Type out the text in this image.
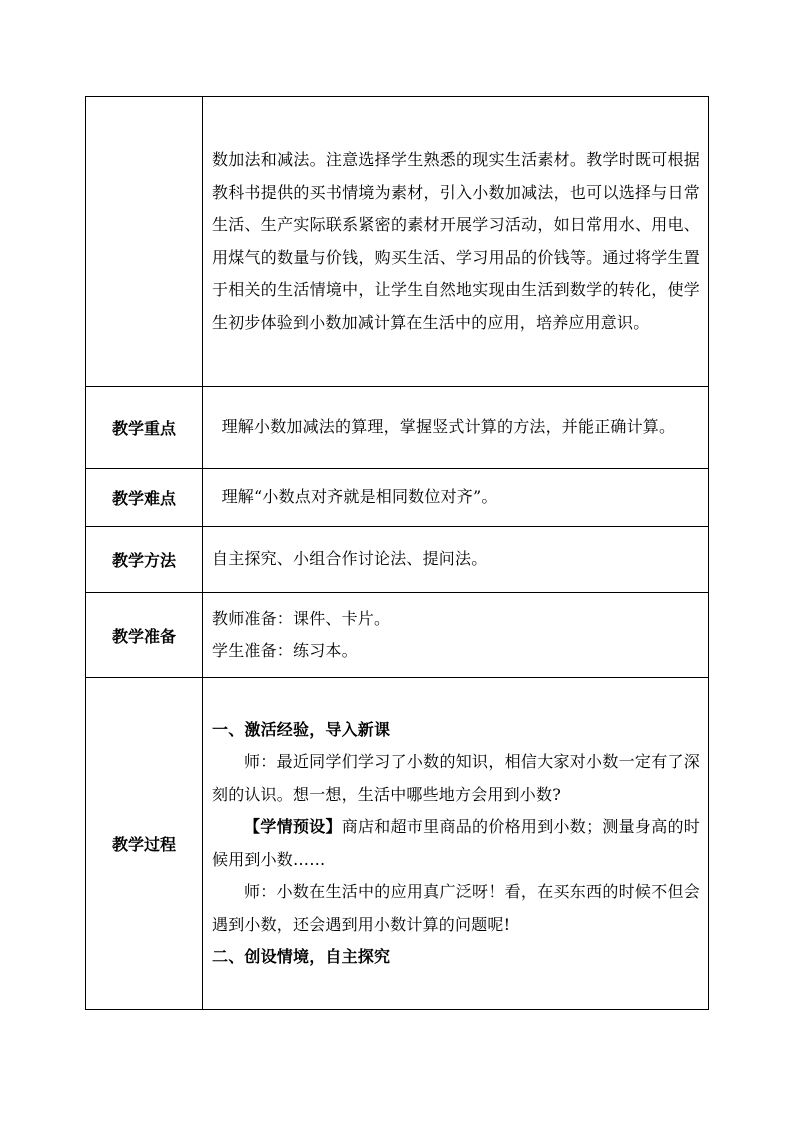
	数加法和减法。注意选择学生熟悉的现实生活素材。教学时既可根据教科书提供的买书情境为素材，引入小数加减法，也可以选择与日常生活、生产实际联系紧密的素材开展学习活动，如日常用水、用电、用煤气的数量与价钱，购买生活、学习用品的价钱等。通过将学生置于相关的生活情境中，让学生自然地实现由生活到数学的转化，使学生初步体验到小数加减计算在生活中的应用，培养应用意识。

教学重点	理解小数加减法的算理，掌握竖式计算的方法，并能正确计算。

教学难点	理解“小数点对齐就是相同数位对齐”。

教学方法	自主探究、小组合作讨论法、提问法。

教学准备	教师准备：课件、卡片。

学生准备：练习本。

教学过程	一、激活经验，导入新课

师：最近同学们学习了小数的知识，相信大家对小数一定有了深刻的认识。想一想，生活中哪些地方会用到小数?

【学情预设】商店和超市里商品的价格用到小数；测量身高的时候用到小数……

师：小数在生活中的应用真广泛呀！看，在买东西的时候不但会遇到小数，还会遇到用小数计算的问题呢!

二、创设情境，自主探究
